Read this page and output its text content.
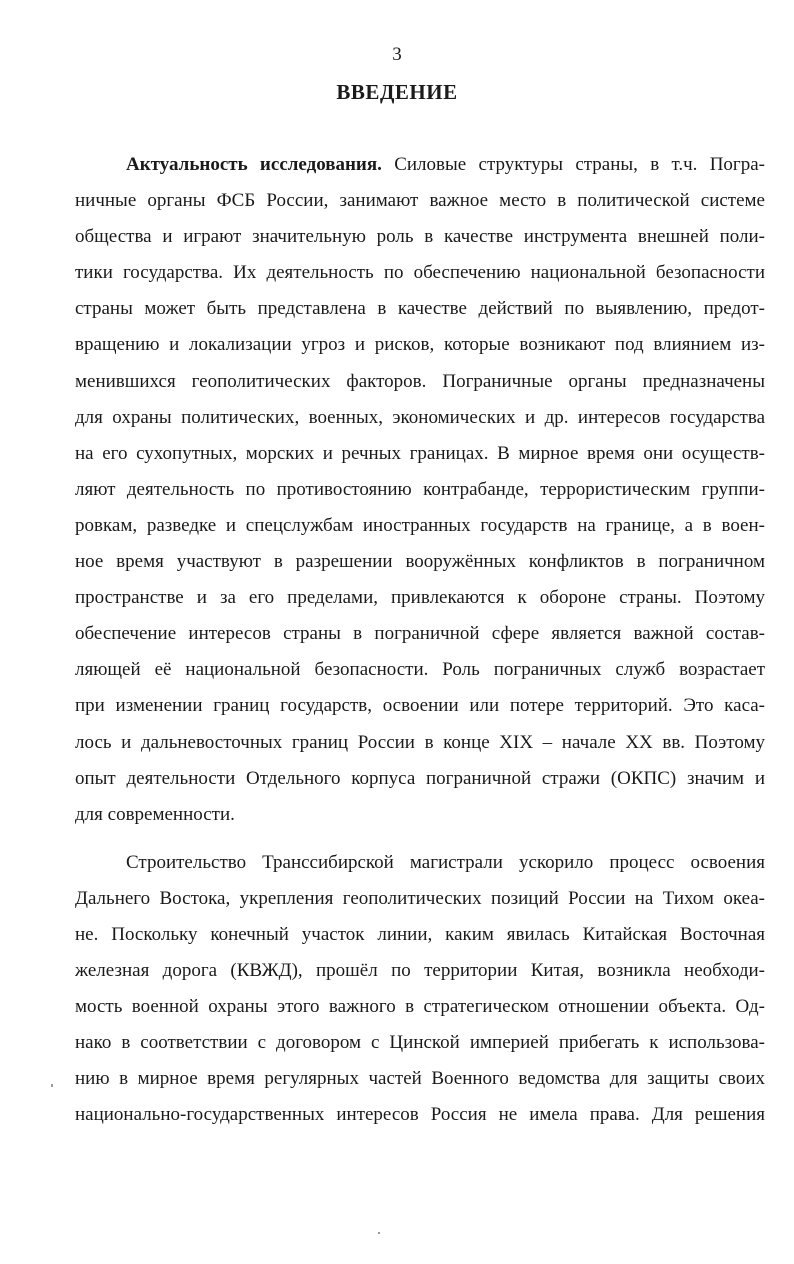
3
ВВЕДЕНИЕ
Актуальность исследования. Силовые структуры страны, в т.ч. Погра-
ничные органы ФСБ России, занимают важное место в политической системе
общества и играют значительную роль в качестве инструмента внешней поли-
тики государства. Их деятельность по обеспечению национальной безопасности
страны может быть представлена в качестве действий по выявлению, предот-
вращению и локализации угроз и рисков, которые возникают под влиянием из-
менившихся геополитических факторов. Пограничные органы предназначены
для охраны политических, военных, экономических и др. интересов государства
на его сухопутных, морских и речных границах. В мирное время они осуществ-
ляют деятельность по противостоянию контрабанде, террористическим группи-
ровкам, разведке и спецслужбам иностранных государств на границе, а в воен-
ное время участвуют в разрешении вооружённых конфликтов в пограничном
пространстве и за его пределами, привлекаются к обороне страны. Поэтому
обеспечение интересов страны в пограничной сфере является важной состав-
ляющей её национальной безопасности. Роль пограничных служб возрастает
при изменении границ государств, освоении или потере территорий. Это каса-
лось и дальневосточных границ России в конце XIX – начале XX вв. Поэтому
опыт деятельности Отдельного корпуса пограничной стражи (ОКПС) значим и
для современности.
Строительство Транссибирской магистрали ускорило процесс освоения
Дальнего Востока, укрепления геополитических позиций России на Тихом океа-
не. Поскольку конечный участок линии, каким явилась Китайская Восточная
железная дорога (КВЖД), прошёл по территории Китая, возникла необходи-
мость военной охраны этого важного в стратегическом отношении объекта. Од-
нако в соответствии с договором с Цинской империей прибегать к использова-
нию в мирное время регулярных частей Военного ведомства для защиты своих
национально-государственных интересов Россия не имела права. Для решения
